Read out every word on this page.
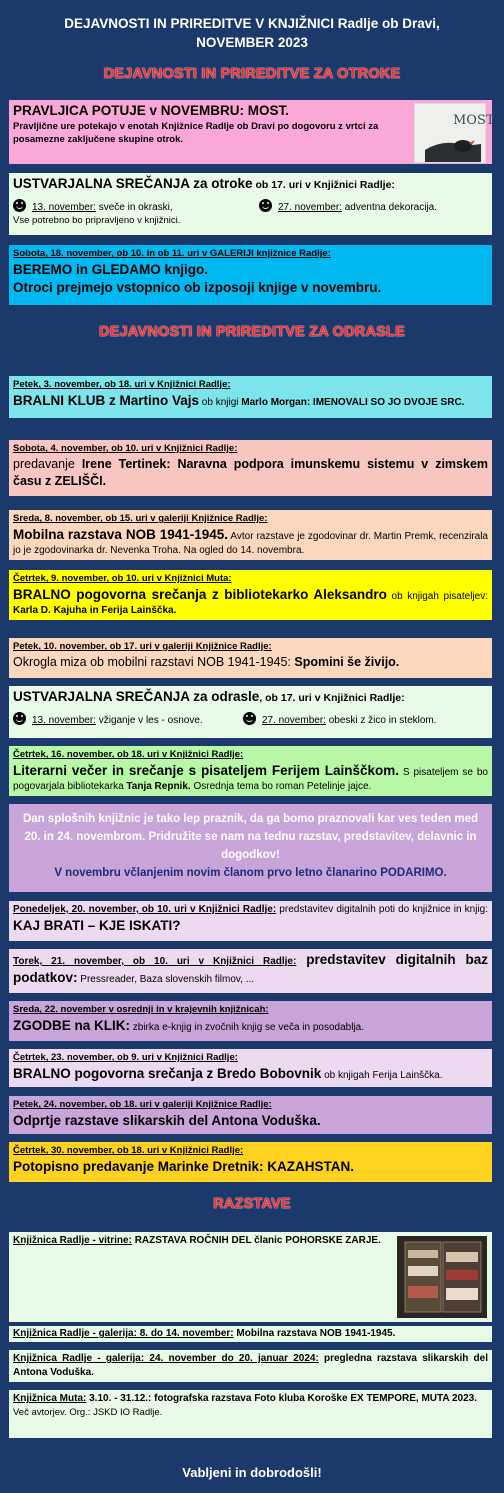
DEJAVNOSTI IN PRIREDITVE V KNJIŽNICI Radlje ob Dravi,
NOVEMBER 2023
DEJAVNOSTI IN PRIREDITVE ZA OTROKE
PRAVLJICA POTUJE v NOVEMBRU: MOST.
Pravljične ure potekajo v enotah Knjižnice Radlje ob Dravi po dogovoru z vrtci za posamezne zaključene skupine otrok.
MOST
USTVARJALNA SREČANJA za otroke ob 17. uri v Knjižnici Radlje:
13. november: sveče in okraski,	27. november: adventna dekoracija.
Vse potrebno bo pripravljeno v knjižnici.
Sobota, 18. november, ob 10. in ob 11. uri v GALERIJI knjižnice Radlje:
BEREMO in GLEDAMO knjigo.
Otroci prejmejo vstopnico ob izposoji knjige v novembru.
DEJAVNOSTI IN PRIREDITVE ZA ODRASLE
Petek, 3. november, ob 18. uri v Knjižnici Radlje:
BRALNI KLUB z Martino Vajs ob knjigi Marlo Morgan: IMENOVALI SO JO DVOJE SRC.
Sobota, 4. november, ob 10. uri v Knjižnici Radlje:
predavanje Irene Tertinek: Naravna podpora imunskemu sistemu v zimskem času z ZELIŠČI.
Sreda, 8. november, ob 15. uri v galeriji Knjižnice Radlje:
Mobilna razstava NOB 1941-1945. Avtor razstave je zgodovinar dr. Martin Premk, recenzirala jo je zgodovinarka dr. Nevenka Troha. Na ogled do 14. novembra.
Četrtek, 9. november, ob 10. uri v Knjižnici Muta:
BRALNO pogovorna srečanja z bibliotekarko Aleksandro ob knjigah pisateljev: Karla D. Kajuha in Ferija Lainščka.
Petek, 10. november, ob 17. uri v galeriji Knjižnice Radlje:
Okrogla miza ob mobilni razstavi NOB 1941-1945: Spomini še živijo.
USTVARJALNA SREČANJA za odrasle, ob 17. uri v Knjižnici Radlje:
13. november: vžiganje v les - osnove.	27. november: obeski z žico in steklom.
Četrtek, 16. november, ob 18. uri v Knjižnici Radlje:
Literarni večer in srečanje s pisateljem Ferijem Lainščkom. S pisateljem se bo pogovarjala bibliotekarka Tanja Repnik. Osrednja tema bo roman Petelinje jajce.
Dan splošnih knjižnic je tako lep praznik, da ga bomo praznovali kar ves teden med 20. in 24. novembrom. Pridružite se nam na tednu razstav, predstavitev, delavnic in dogodkov!
V novembru včlanjenim novim članom prvo letno članarino PODARIMO.
Ponedeljek, 20. november, ob 10. uri v Knjižnici Radlje: predstavitev digitalnih poti do knjižnice in knjig: KAJ BRATI – KJE ISKATI?
Torek, 21. november, ob 10. uri v Knjižnici Radlje: predstavitev digitalnih baz podatkov: Pressreader, Baza slovenskih filmov, ...
Sreda, 22. november v osrednji in v krajevnih knjižnicah:
ZGODBE na KLIK: zbirka e-knjig in zvočnih knjig se veča in posodablja.
Četrtek, 23. november, ob 9. uri v Knjižnici Radlje:
BRALNO pogovorna srečanja z Bredo Bobovnik ob knjigah Ferija Lainščka.
Petek, 24. november, ob 18. uri v galeriji Knjižnice Radlje:
Odprtje razstave slikarskih del Antona Voduška.
Četrtek, 30. november, ob 18. uri v Knjižnici Radlje:
Potopisno predavanje Marinke Dretnik: KAZAHSTAN.
RAZSTAVE
Knjižnica Radlje - vitrine: RAZSTAVA ROČNIH DEL članic POHORSKE ZARJE.
Knjižnica Radlje - galerija: 8. do 14. november: Mobilna razstava NOB 1941-1945.
Knjižnica Radlje - galerija: 24. november do 20. januar 2024: pregledna razstava slikarskih del Antona Voduška.
Knjižnica Muta: 3.10. - 31.12.: fotografska razstava Foto kluba Koroške EX TEMPORE, MUTA 2023.
Več avtorjev. Org.: JSKD IO Radlje.
Vabljeni in dobrodošli!
